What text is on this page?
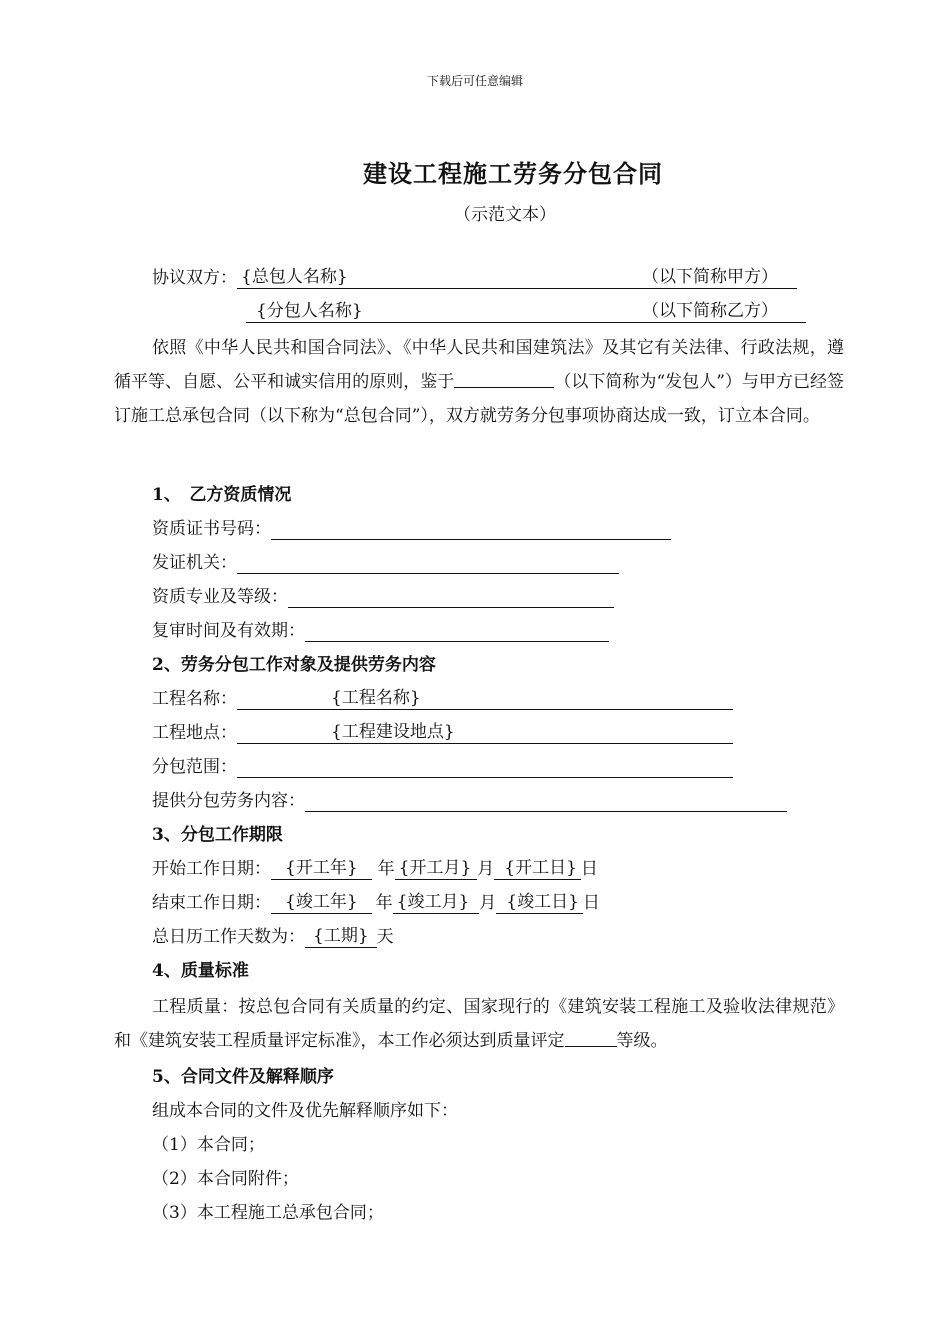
下载后可任意编辑
建设工程施工劳务分包合同
（示范文本）
协议双方： {总包人名称}	（以下简称甲方）
{分包人名称}	（以下简称乙方）
依照《中华人民共和国合同法》、《中华人民共和国建筑法》及其它有关法律、行政法规，遵循平等、自愿、公平和诚实信用的原则，鉴于	（以下简称为“发包人”）与甲方已经签订施工总承包合同（以下称为“总包合同”），双方就劳务分包事项协商达成一致，订立本合同。
1、　乙方资质情况
资质证书号码：
发证机关：
资质专业及等级：
复审时间及有效期：
2、劳务分包工作对象及提供劳务内容
工程名称：	{工程名称}
工程地点：	{工程建设地点}
分包范围：
提供分包劳务内容：
3、分包工作期限
开始工作日期： {开工年} 年 {开工月} 月 {开工日} 日
结束工作日期： {竣工年} 年 {竣工月} 月 {竣工日} 日
总日历工作天数为： {工期} 天
4、质量标准
工程质量：按总包合同有关质量的约定、国家现行的《建筑安装工程施工及验收法律规范》和《建筑安装工程质量评定标准》，本工作必须达到质量评定	等级。
5、合同文件及解释顺序
组成本合同的文件及优先解释顺序如下：
（1）本合同；
（2）本合同附件；
（3）本工程施工总承包合同；
